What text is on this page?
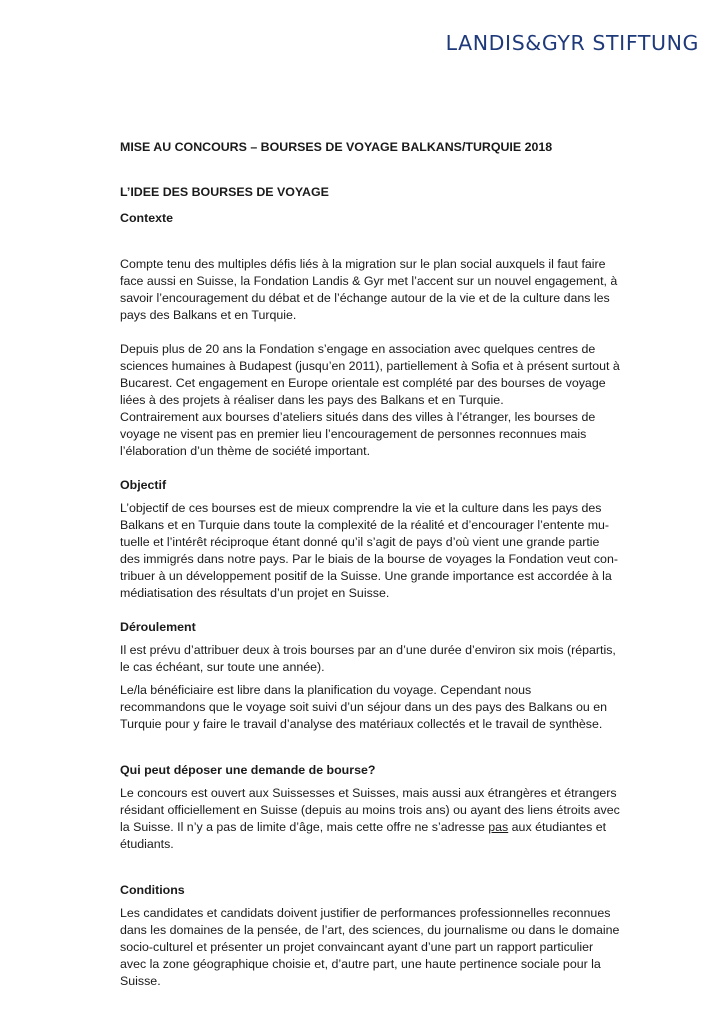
LANDIS&GYR STIFTUNG
MISE AU CONCOURS – BOURSES DE VOYAGE BALKANS/TURQUIE 2018
L’IDEE DES BOURSES DE VOYAGE
Contexte

Compte tenu des multiples défis liés à la migration sur le plan social auxquels il faut faire face aussi en Suisse, la Fondation Landis & Gyr met l’accent sur un nouvel engagement, à savoir l’encouragement du débat et de l’échange autour de la vie et de la culture dans les pays des Balkans et en Turquie.

Depuis plus de 20 ans la Fondation s’engage en association avec quelques centres de sciences humaines à Budapest (jusqu’en 2011), partiellement à Sofia et à présent surtout à Bucarest. Cet engagement en Europe orientale est complété par des bourses de voyage liées à des projets à réaliser dans les pays des Balkans et en Turquie.

Contrairement aux bourses d’ateliers situés dans des villes à l’étranger, les bourses de voyage ne visent pas en premier lieu l’encouragement de personnes reconnues mais l’élaboration d’un thème de société important.

Objectif

L’objectif de ces bourses est de mieux comprendre la vie et la culture dans les pays des Balkans et en Turquie dans toute la complexité de la réalité et d’encourager l’entente mutuelle et l’intérêt réciproque étant donné qu’il s’agit de pays d’où vient une grande partie des immigrés dans notre pays. Par le biais de la bourse de voyages la Fondation veut contribuer à un développement positif de la Suisse. Une grande importance est accordée à la médiatisation des résultats d’un projet en Suisse.

Déroulement

Il est prévu d’attribuer deux à trois bourses par an d’une durée d’environ six mois (répartis, le cas échéant, sur toute une année).

Le/la bénéficiaire est libre dans la planification du voyage. Cependant nous recommandons que le voyage soit suivi d’un séjour dans un des pays des Balkans ou en Turquie pour y faire le travail d’analyse des matériaux collectés et le travail de synthèse.

Qui peut déposer une demande de bourse?

Le concours est ouvert aux Suissesses et Suisses, mais aussi aux étrangères et étrangers résidant officiellement en Suisse (depuis au moins trois ans) ou ayant des liens étroits avec la Suisse. Il n’y a pas de limite d’âge, mais cette offre ne s’adresse pas aux étudiantes et étudiants.

Conditions

Les candidates et candidats doivent justifier de performances professionnelles reconnues dans les domaines de la pensée, de l’art, des sciences, du journalisme ou dans le domaine socio-culturel et présenter un projet convaincant ayant d’une part un rapport particulier avec la zone géographique choisie et, d’autre part, une haute pertinence sociale pour la Suisse.
